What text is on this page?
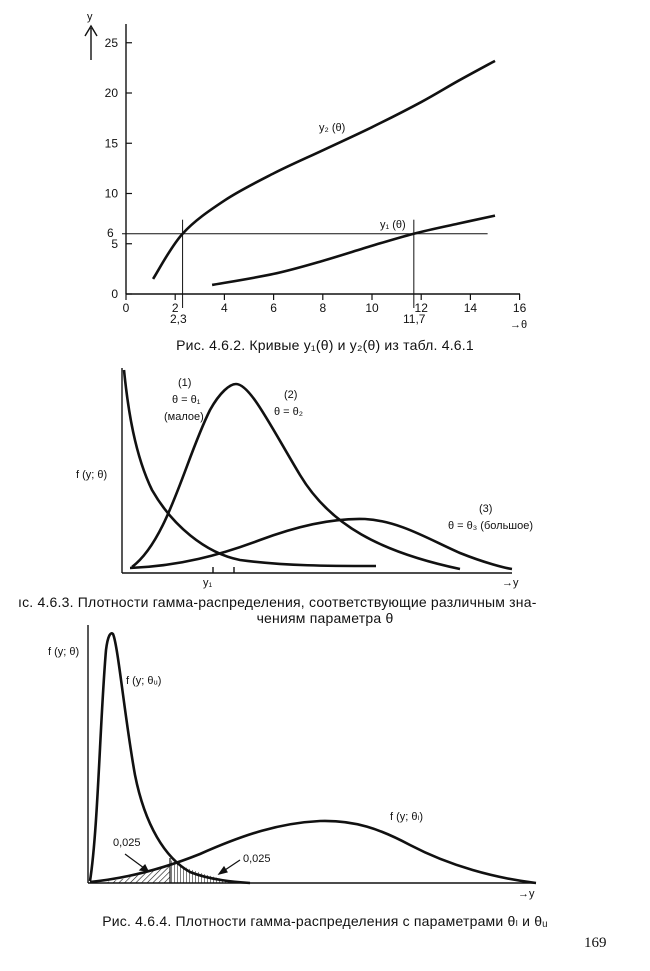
0	2	4	6	8	10	12	14	16
0
5
10
15
20
25
y
→θ
6
2,3	11,7
y₂ (θ)
y₁ (θ)
Рис. 4.6.2. Кривые y₁(θ) и y₂(θ) из табл. 4.6.1
y₁	→y
f (y; θ)
(1)
θ = θ₁
(малое)
(2)
θ = θ₂
(3)
θ = θ₃ (большое)
ıс. 4.6.3. Плотности гамма-распределения, соответствующие различным зна-
чениям параметра θ
f (y; θ)
f (y; θᵤ)
f (y; θₗ)
0,025
0,025
→y
Рис. 4.6.4. Плотности гамма-распределения с параметрами θₗ и θᵤ
169
